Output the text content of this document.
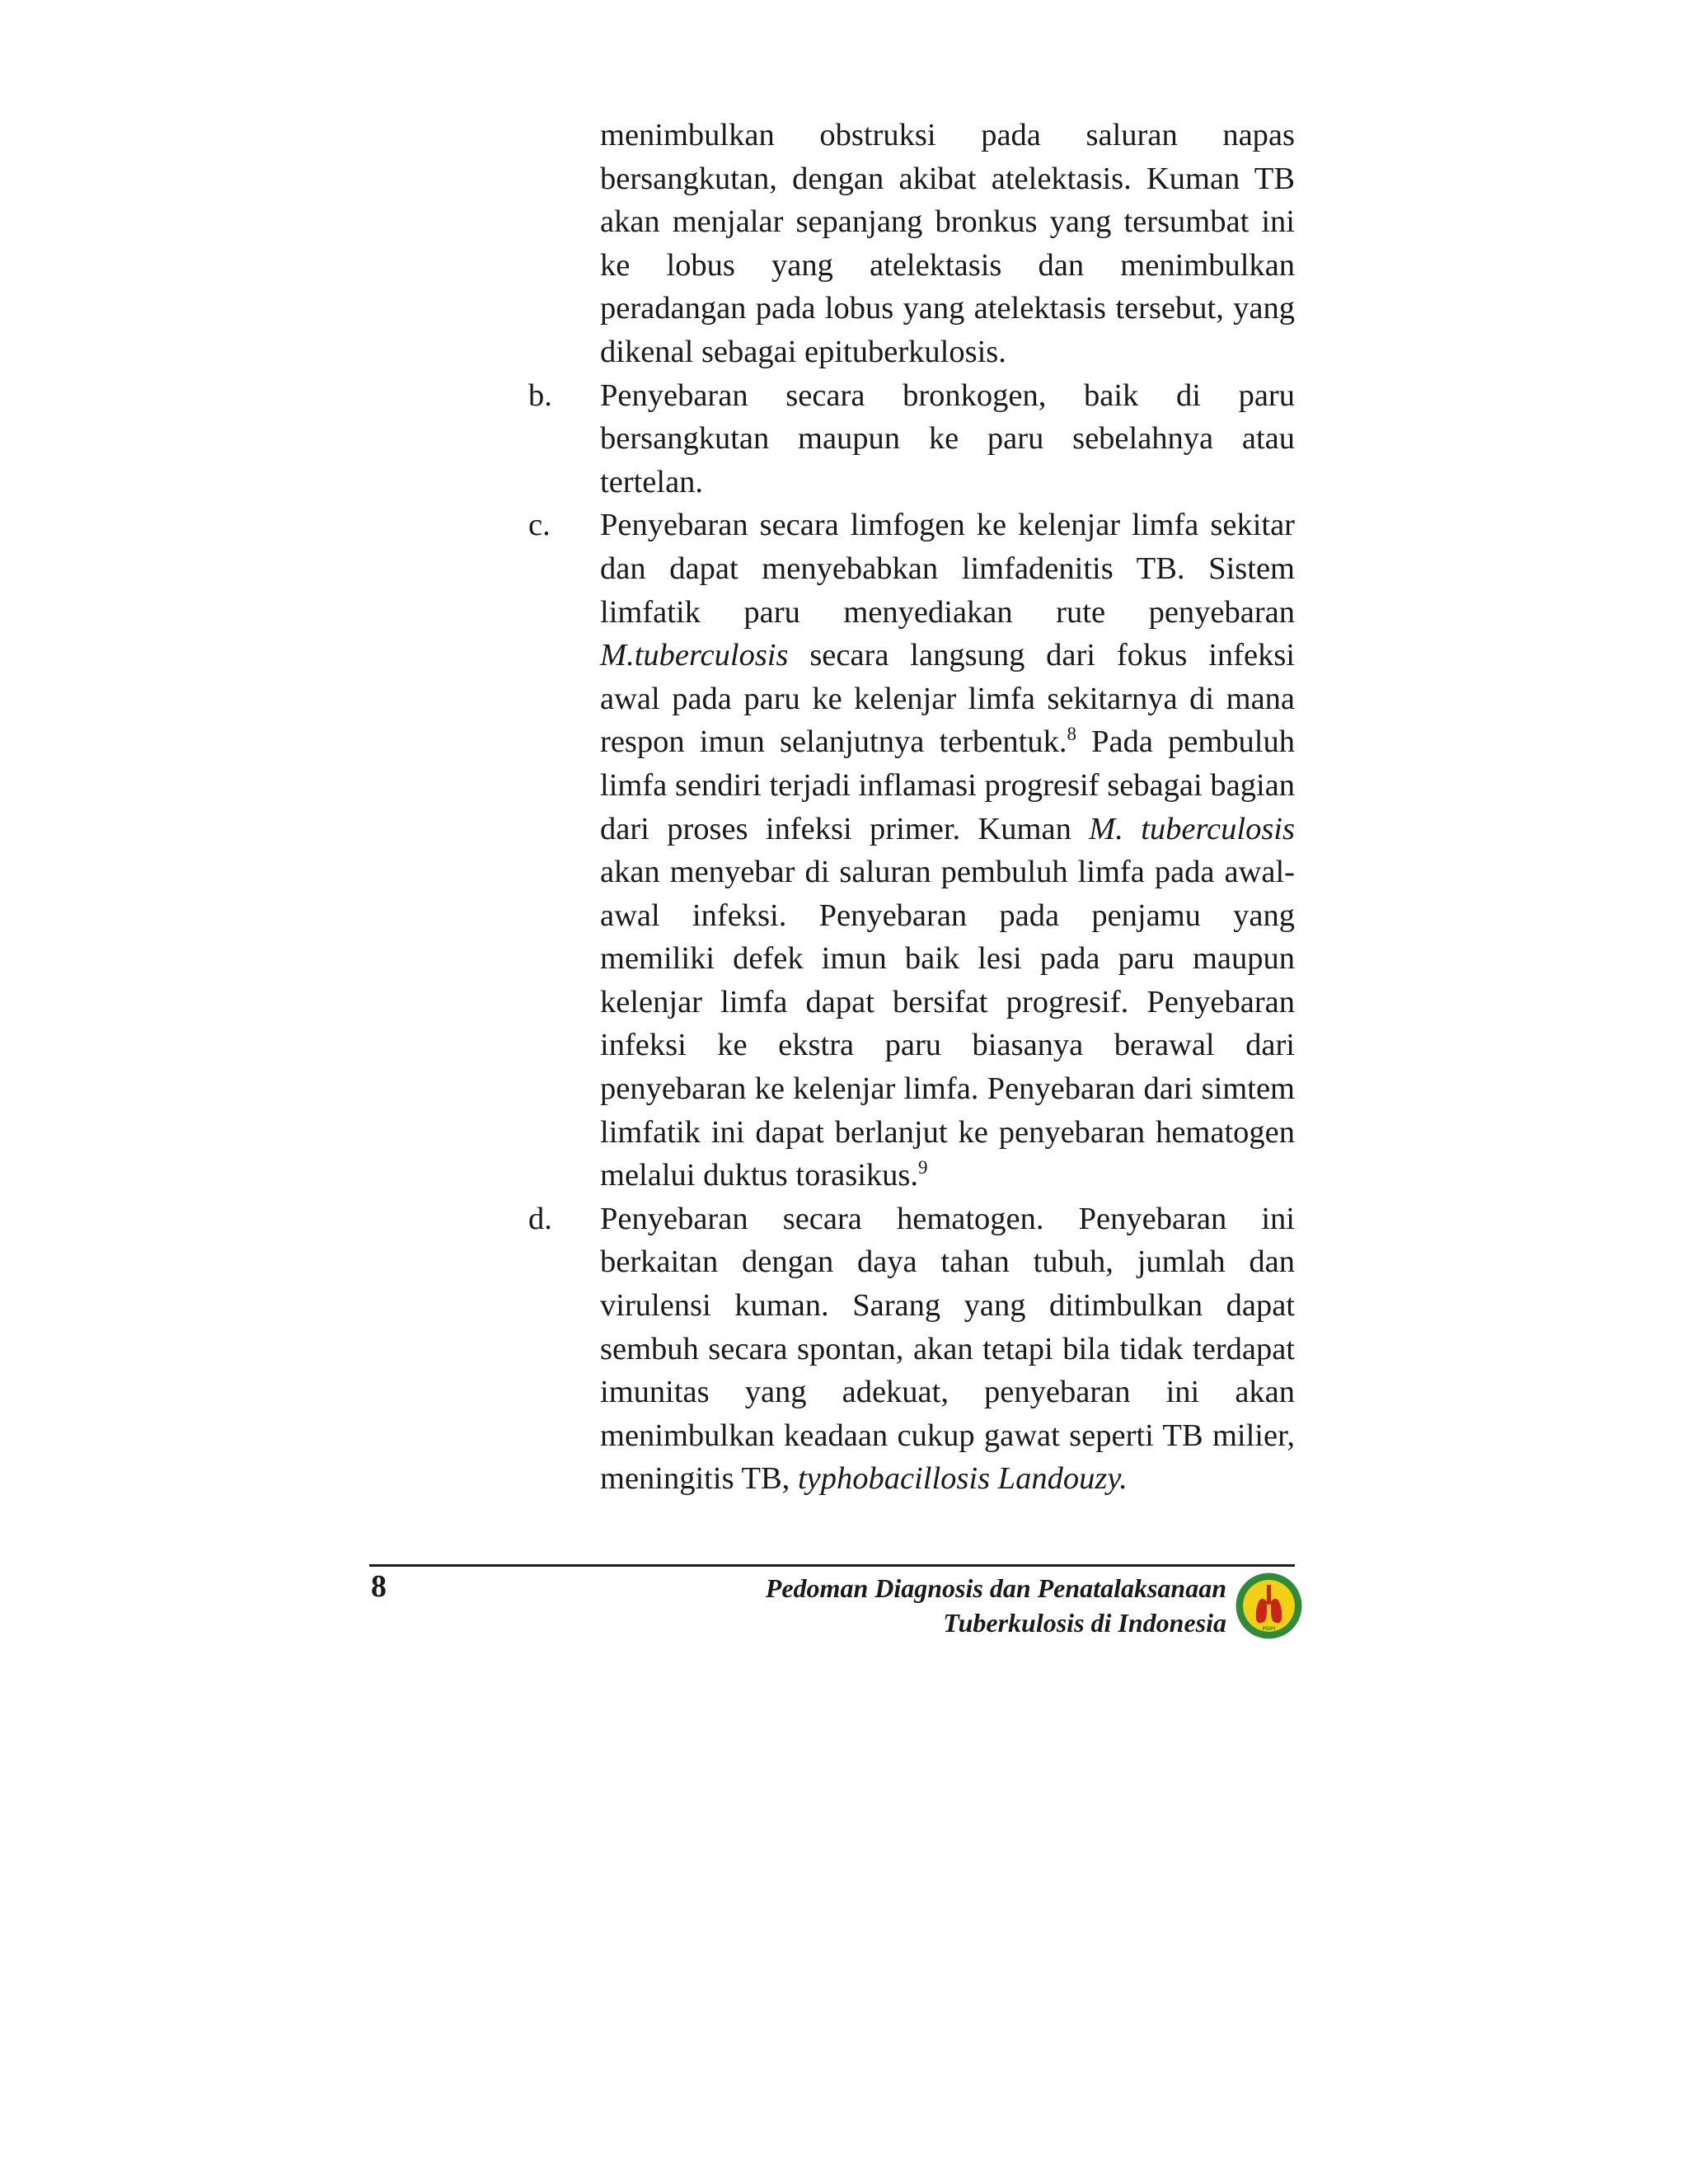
menimbulkan obstruksi pada saluran napas bersangkutan, dengan akibat atelektasis. Kuman TB akan menjalar sepanjang bronkus yang tersumbat ini ke lobus yang atelektasis dan menimbulkan peradangan pada lobus yang atelektasis tersebut, yang dikenal sebagai epituberkulosis.
b. Penyebaran secara bronkogen, baik di paru bersangkutan maupun ke paru sebelahnya atau tertelan.
c. Penyebaran secara limfogen ke kelenjar limfa sekitar dan dapat menyebabkan limfadenitis TB. Sistem limfatik paru menyediakan rute penyebaran M.tuberculosis secara langsung dari fokus infeksi awal pada paru ke kelenjar limfa sekitarnya di mana respon imun selanjutnya terbentuk.$^8$ Pada pembuluh limfa sendiri terjadi inflamasi progresif sebagai bagian dari proses infeksi primer. Kuman M. tuberculosis akan menyebar di saluran pembuluh limfa pada awal-awal infeksi. Penyebaran pada penjamu yang memiliki defek imun baik lesi pada paru maupun kelenjar limfa dapat bersifat progresif. Penyebaran infeksi ke ekstra paru biasanya berawal dari penyebaran ke kelenjar limfa. Penyebaran dari simtem limfatik ini dapat berlanjut ke penyebaran hematogen melalui duktus torasikus.$^9$
d. Penyebaran secara hematogen. Penyebaran ini berkaitan dengan daya tahan tubuh, jumlah dan virulensi kuman. Sarang yang ditimbulkan dapat sembuh secara spontan, akan tetapi bila tidak terdapat imunitas yang adekuat, penyebaran ini akan menimbulkan keadaan cukup gawat seperti TB milier, meningitis TB, typhobacillosis Landouzy.
8	Pedoman Diagnosis dan Penatalaksanaan
Tuberkulosis di Indonesia	PDPI
